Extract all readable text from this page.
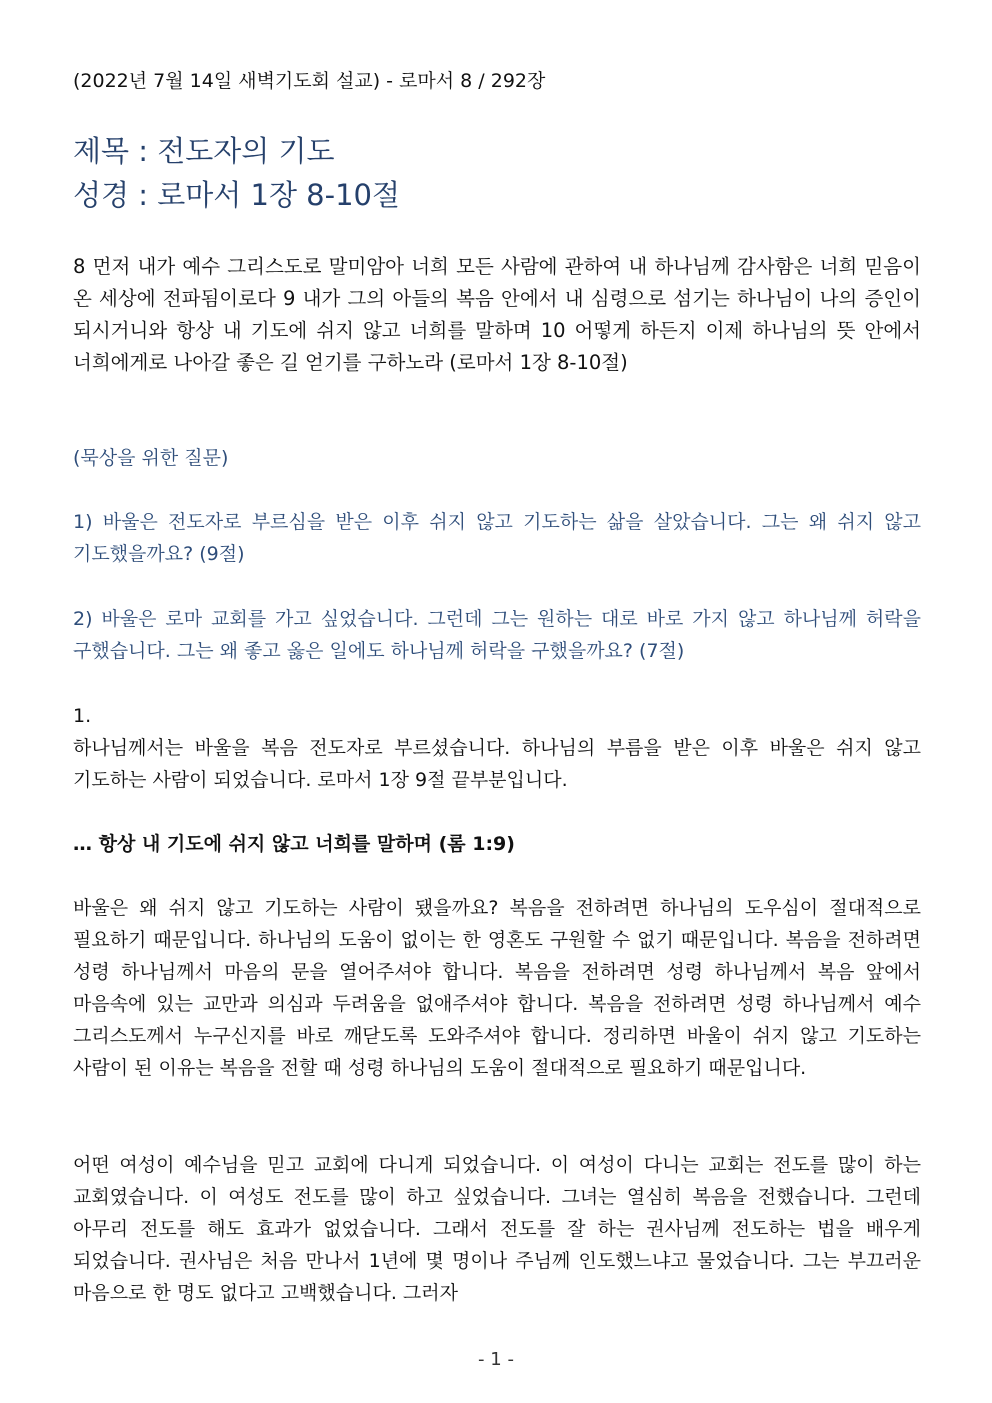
(2022년 7월 14일 새벽기도회 설교) - 로마서 8 / 292장
제목 : 전도자의 기도
성경 : 로마서 1장 8-10절
8 먼저 내가 예수 그리스도로 말미암아 너희 모든 사람에 관하여 내 하나님께 감사함은 너희 믿음이 온 세상에 전파됨이로다 9 내가 그의 아들의 복음 안에서 내 심령으로 섬기는 하나님이 나의 증인이 되시거니와 항상 내 기도에 쉬지 않고 너희를 말하며 10 어떻게 하든지 이제 하나님의 뜻 안에서 너희에게로 나아갈 좋은 길 얻기를 구하노라 (로마서 1장 8-10절)
(묵상을 위한 질문)
1) 바울은 전도자로 부르심을 받은 이후 쉬지 않고 기도하는 삶을 살았습니다. 그는 왜 쉬지 않고 기도했을까요? (9절)
2) 바울은 로마 교회를 가고 싶었습니다. 그런데 그는 원하는 대로 바로 가지 않고 하나님께 허락을 구했습니다. 그는 왜 좋고 옳은 일에도 하나님께 허락을 구했을까요? (7절)
1.
하나님께서는 바울을 복음 전도자로 부르셨습니다. 하나님의 부름을 받은 이후 바울은 쉬지 않고 기도하는 사람이 되었습니다. 로마서 1장 9절 끝부분입니다.
… 항상 내 기도에 쉬지 않고 너희를 말하며 (롬 1:9)
바울은 왜 쉬지 않고 기도하는 사람이 됐을까요? 복음을 전하려면 하나님의 도우심이 절대적으로 필요하기 때문입니다. 하나님의 도움이 없이는 한 영혼도 구원할 수 없기 때문입니다. 복음을 전하려면 성령 하나님께서 마음의 문을 열어주셔야 합니다. 복음을 전하려면 성령 하나님께서 복음 앞에서 마음속에 있는 교만과 의심과 두려움을 없애주셔야 합니다. 복음을 전하려면 성령 하나님께서 예수 그리스도께서 누구신지를 바로 깨닫도록 도와주셔야 합니다. 정리하면 바울이 쉬지 않고 기도하는 사람이 된 이유는 복음을 전할 때 성령 하나님의 도움이 절대적으로 필요하기 때문입니다.
어떤 여성이 예수님을 믿고 교회에 다니게 되었습니다. 이 여성이 다니는 교회는 전도를 많이 하는 교회였습니다. 이 여성도 전도를 많이 하고 싶었습니다. 그녀는 열심히 복음을 전했습니다. 그런데 아무리 전도를 해도 효과가 없었습니다. 그래서 전도를 잘 하는 권사님께 전도하는 법을 배우게 되었습니다. 권사님은 처음 만나서 1년에 몇 명이나 주님께 인도했느냐고 물었습니다. 그는 부끄러운 마음으로 한 명도 없다고 고백했습니다. 그러자
- 1 -
